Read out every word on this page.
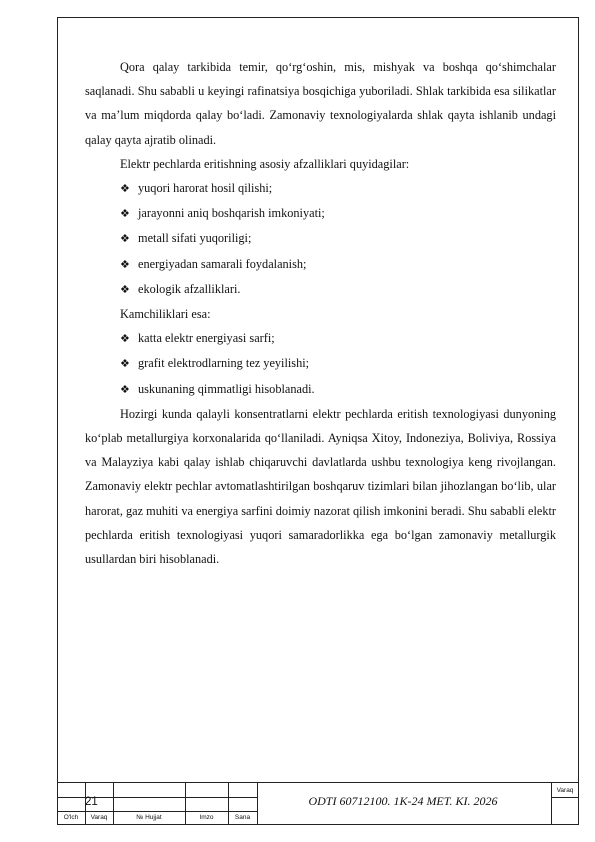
Qora qalay tarkibida temir, qo‘rg‘oshin, mis, mishyak va boshqa qo‘shimchalar saqlanadi. Shu sababli u keyingi rafinatsiya bosqichiga yuboriladi. Shlak tarkibida esa silikatlar va ma’lum miqdorda qalay bo‘ladi. Zamonaviy texnologiyalarda shlak qayta ishlanib undagi qalay qayta ajratib olinadi.

Elektr pechlarda eritishning asosiy afzalliklari quyidagilar:

❖ yuqori harorat hosil qilishi;
❖ jarayonni aniq boshqarish imkoniyati;
❖ metall sifati yuqoriligi;
❖ energiyadan samarali foydalanish;
❖ ekologik afzalliklari.

Kamchiliklari esa:

❖ katta elektr energiyasi sarfi;
❖ grafit elektrodlarning tez yeyilishi;
❖ uskunaning qimmatligi hisoblanadi.

Hozirgi kunda qalayli konsentratlarni elektr pechlarda eritish texnologiyasi dunyoning ko‘plab metallurgiya korxonalarida qo‘llaniladi. Ayniqsa Xitoy, Indoneziya, Boliviya, Rossiya va Malayziya kabi qalay ishlab chiqaruvchi davlatlarda ushbu texnologiya keng rivojlangan. Zamonaviy elektr pechlar avtomatlashtirilgan boshqaruv tizimlari bilan jihozlangan bo‘lib, ular harorat, gaz muhiti va energiya sarfini doimiy nazorat qilish imkonini beradi. Shu sababli elektr pechlarda eritish texnologiyasi yuqori samaradorlikka ega bo‘lgan zamonaviy metallurgik usullardan biri hisoblanadi.

21	ODTI 60712100. 1K-24 MET. KI. 2026
Varaq
O'lch	Varaq	№ Hujjat	Imzo	Sana
